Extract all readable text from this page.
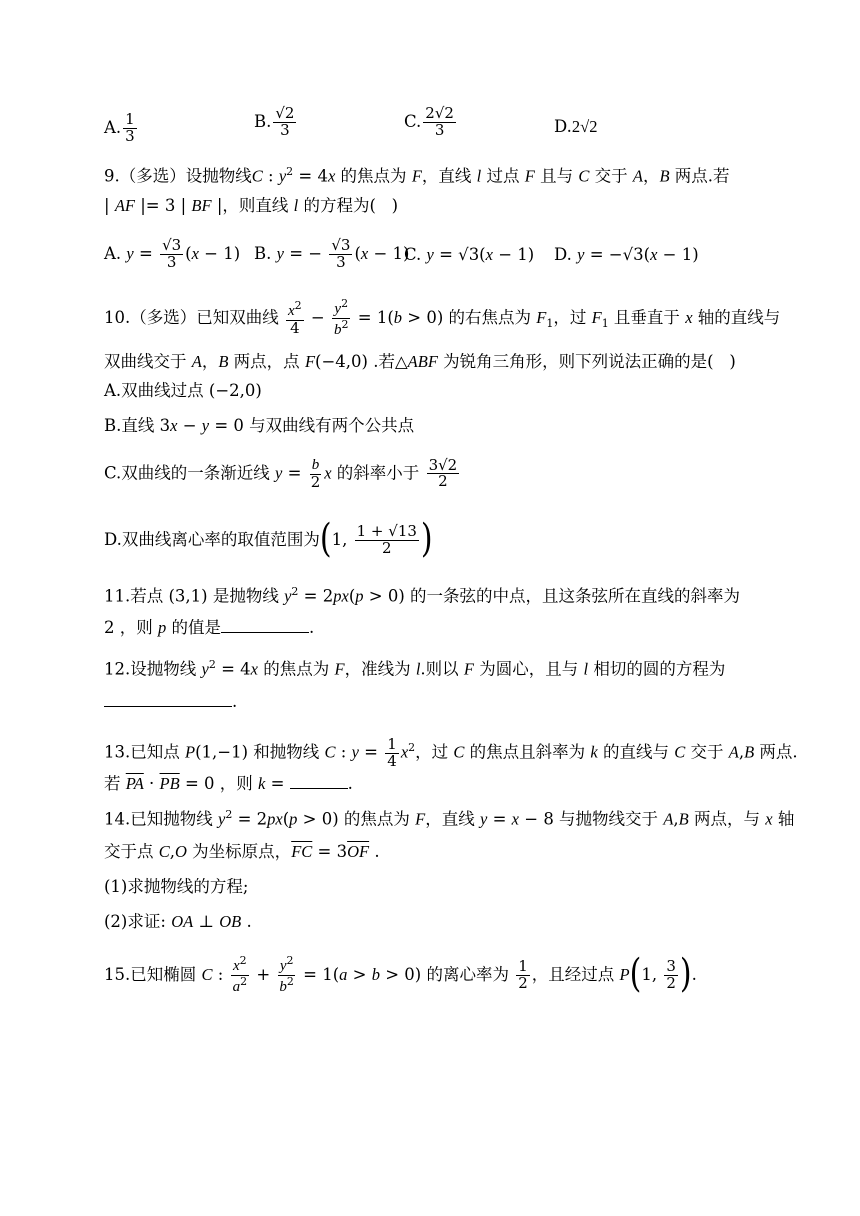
A. $\frac{1}{3}$	B. $\frac{√2}{3}$	C. $\frac{2√2}{3}$	D.2√2
9.（多选）设抛物线C : $y^2 = 4x$ 的焦点为 F，直线 l 过点 F 且与 C 交于 A，B 两点.若
| AF |= 3 | BF |，则直线 l 的方程为(   )
A. $y = \frac{√3}{3} (x - 1)$ B. y = − $\frac{√3}{3} (x - 1)$
C. y = √3(x − 1) D. y = −√3(x − 1)
10.（多选）已知双曲线 $\frac{x^2}{4} - \frac{y^2}{b^2} = 1(b > 0)$ 的右焦点为 $F_1$，过 $F_1$ 且垂直于 x 轴的直线与
双曲线交于 A，B 两点，点 F(−4,0) .若△ABF 为锐角三角形，则下列说法正确的是(   )
A.双曲线过点 (−2,0)
B.直线 3x − y = 0 与双曲线有两个公共点
C.双曲线的一条渐近线 $y = \frac{b}{2}$ x 的斜率小于 $\frac{3√2}{2}$
D.双曲线离心率的取值范围为(1, $\frac{1 + √13}{2}$ )
11.若点 (3,1) 是抛物线 $y^2 = 2px(p > 0)$ 的一条弦的中点，且这条弦所在直线的斜率为
2 ，则 p 的值是	.
12.设抛物线 $y^2 = 4x$ 的焦点为 F，准线为 l.则以 F 为圆心，且与 l 相切的圆的方程为
.
13.已知点 P(1,−1) 和抛物线 C : $y = \frac{1}{4} x^2$，过 C 的焦点且斜率为 k 的直线与 C 交于 A,B 两点.
若 $\overline{PA} \cdot \overline{PB} = 0$ ，则 k =	.
14.已知抛物线 $y^2 = 2px(p > 0)$ 的焦点为 F，直线 y = x − 8 与抛物线交于 A,B 两点，与 x 轴
交于点 C,O 为坐标原点，$\overline{FC} = 3\overline{OF}$ .
(1)求抛物线的方程;
(2)求证: OA ⊥ OB .
15.已知椭圆 C : $\frac{x^2}{a^2} + \frac{y^2}{b^2} = 1(a > b > 0)$ 的离心率为 $\frac{1}{2}$ ，且经过点 P(1, $\frac{3}{2}$ ).
